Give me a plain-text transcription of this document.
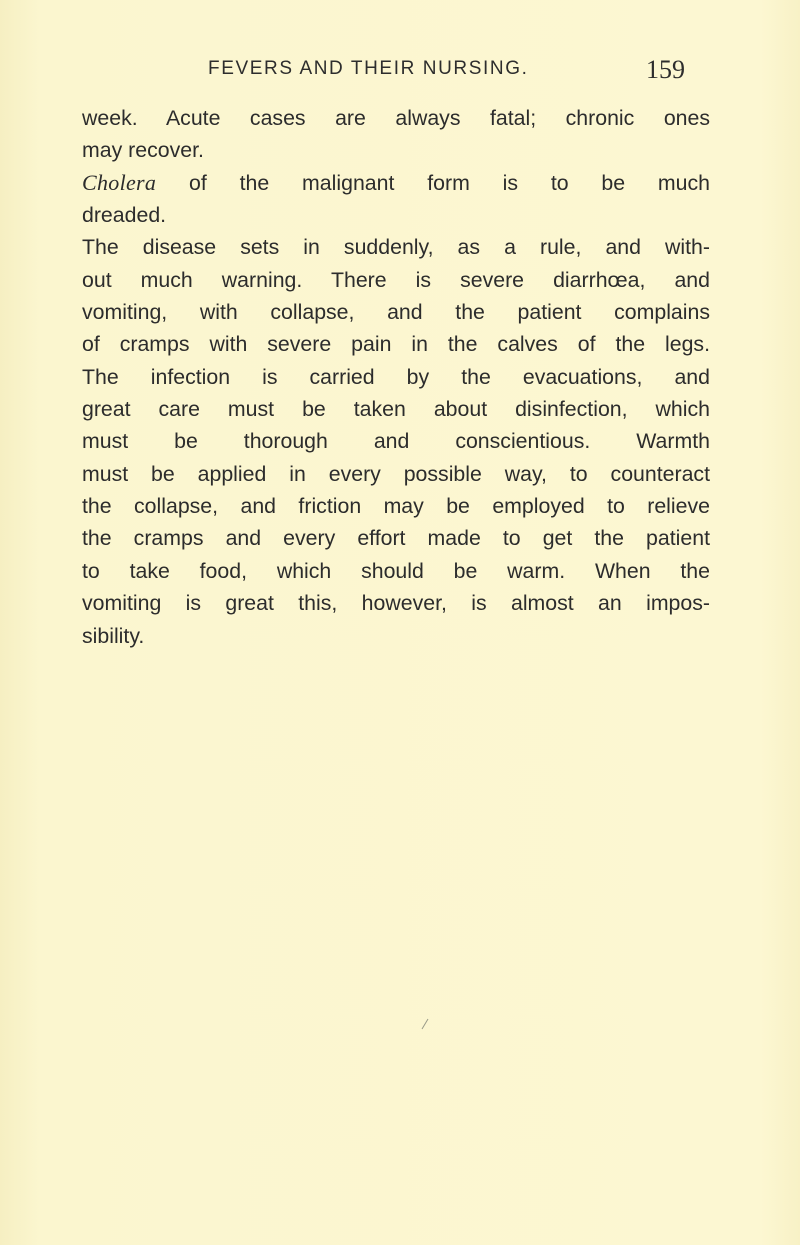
FEVERS AND THEIR NURSING.	159
week. Acute cases are always fatal; chronic ones
may recover.
Cholera of the malignant form is to be much
dreaded.
The disease sets in suddenly, as a rule, and with-
out much warning. There is severe diarrhœa, and
vomiting, with collapse, and the patient complains
of cramps with severe pain in the calves of the legs.
The infection is carried by the evacuations, and
great care must be taken about disinfection, which
must be thorough and conscientious. Warmth
must be applied in every possible way, to counteract
the collapse, and friction may be employed to relieve
the cramps and every effort made to get the patient
to take food, which should be warm. When the
vomiting is great this, however, is almost an impos-
sibility.
